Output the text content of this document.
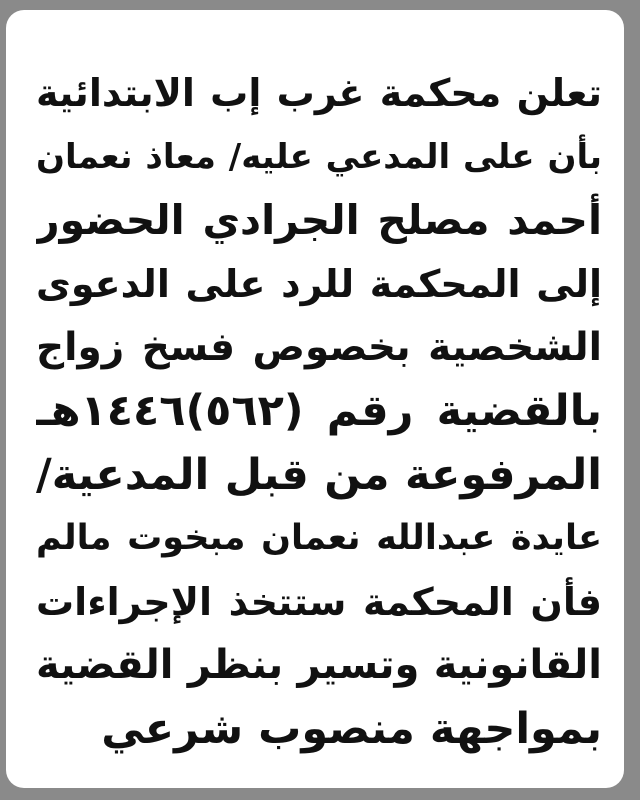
تعلن محكمة غرب إب الابتدائية
بأن على المدعي عليه/ معاذ نعمان
أحمد مصلح الجرادي الحضور
إلى المحكمة للرد على الدعوى
الشخصية بخصوص فسخ زواج
بالقضية رقم (٥٦٢)١٤٤٦هـ
المرفوعة من قبل المدعية/
عايدة عبدالله نعمان مبخوت مالم
فأن المحكمة ستتخذ الإجراءات
القانونية وتسير بنظر القضية
بمواجهة منصوب شرعي
